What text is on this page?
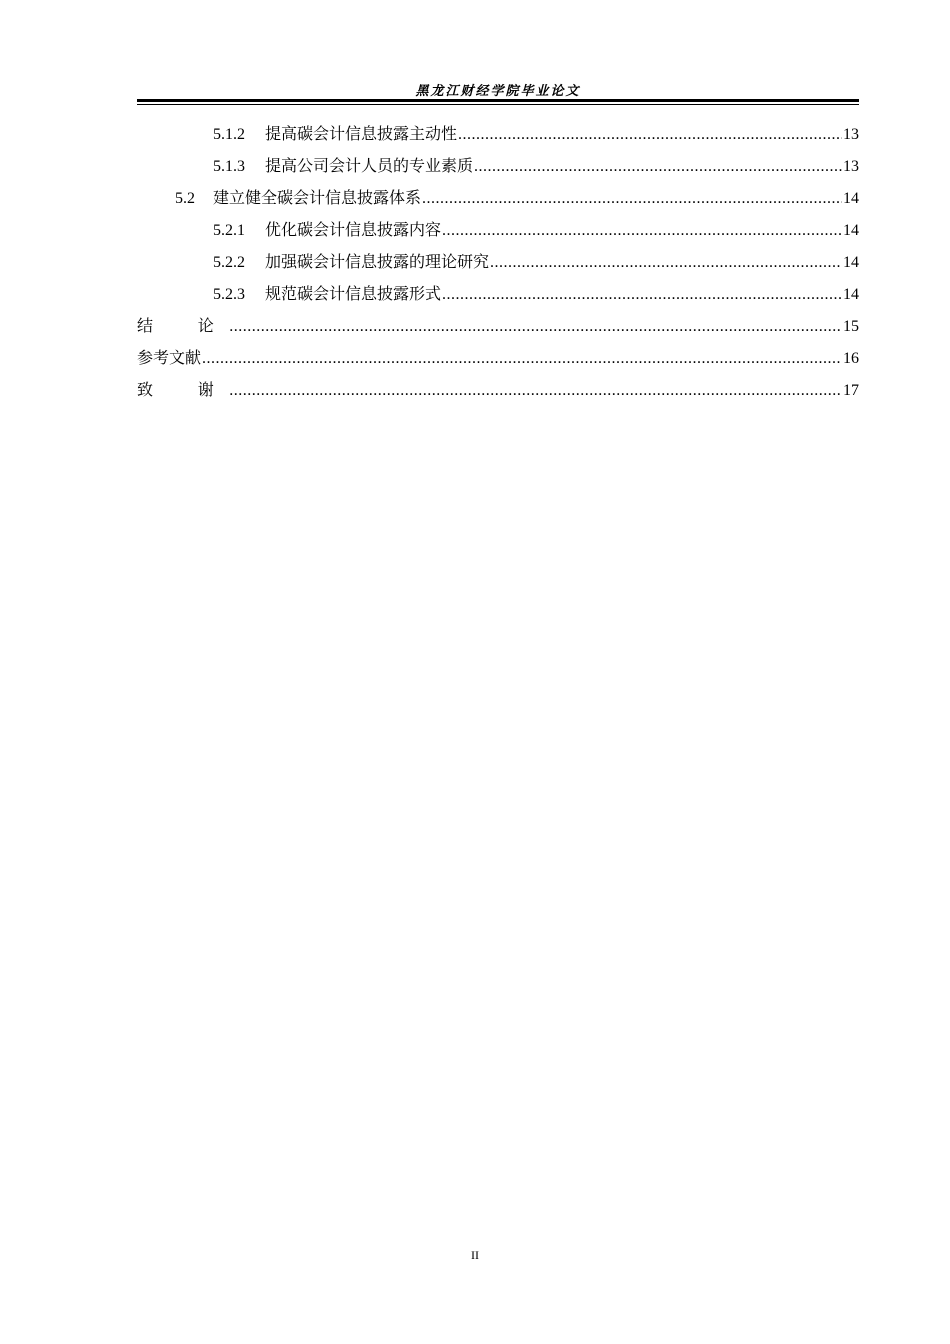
黑龙江财经学院毕业论文
5.1.2 提高碳会计信息披露主动性 .....	13
5.1.3 提高公司会计人员的专业素质 .....	13
5.2 建立健全碳会计信息披露体系 .....	14
5.2.1 优化碳会计信息披露内容 .....	14
5.2.2 加强碳会计信息披露的理论研究 .....	14
5.2.3 规范碳会计信息披露形式 .....	14
结　论 .....	15
参考文献 .....	16
致　谢 .....	17
II
